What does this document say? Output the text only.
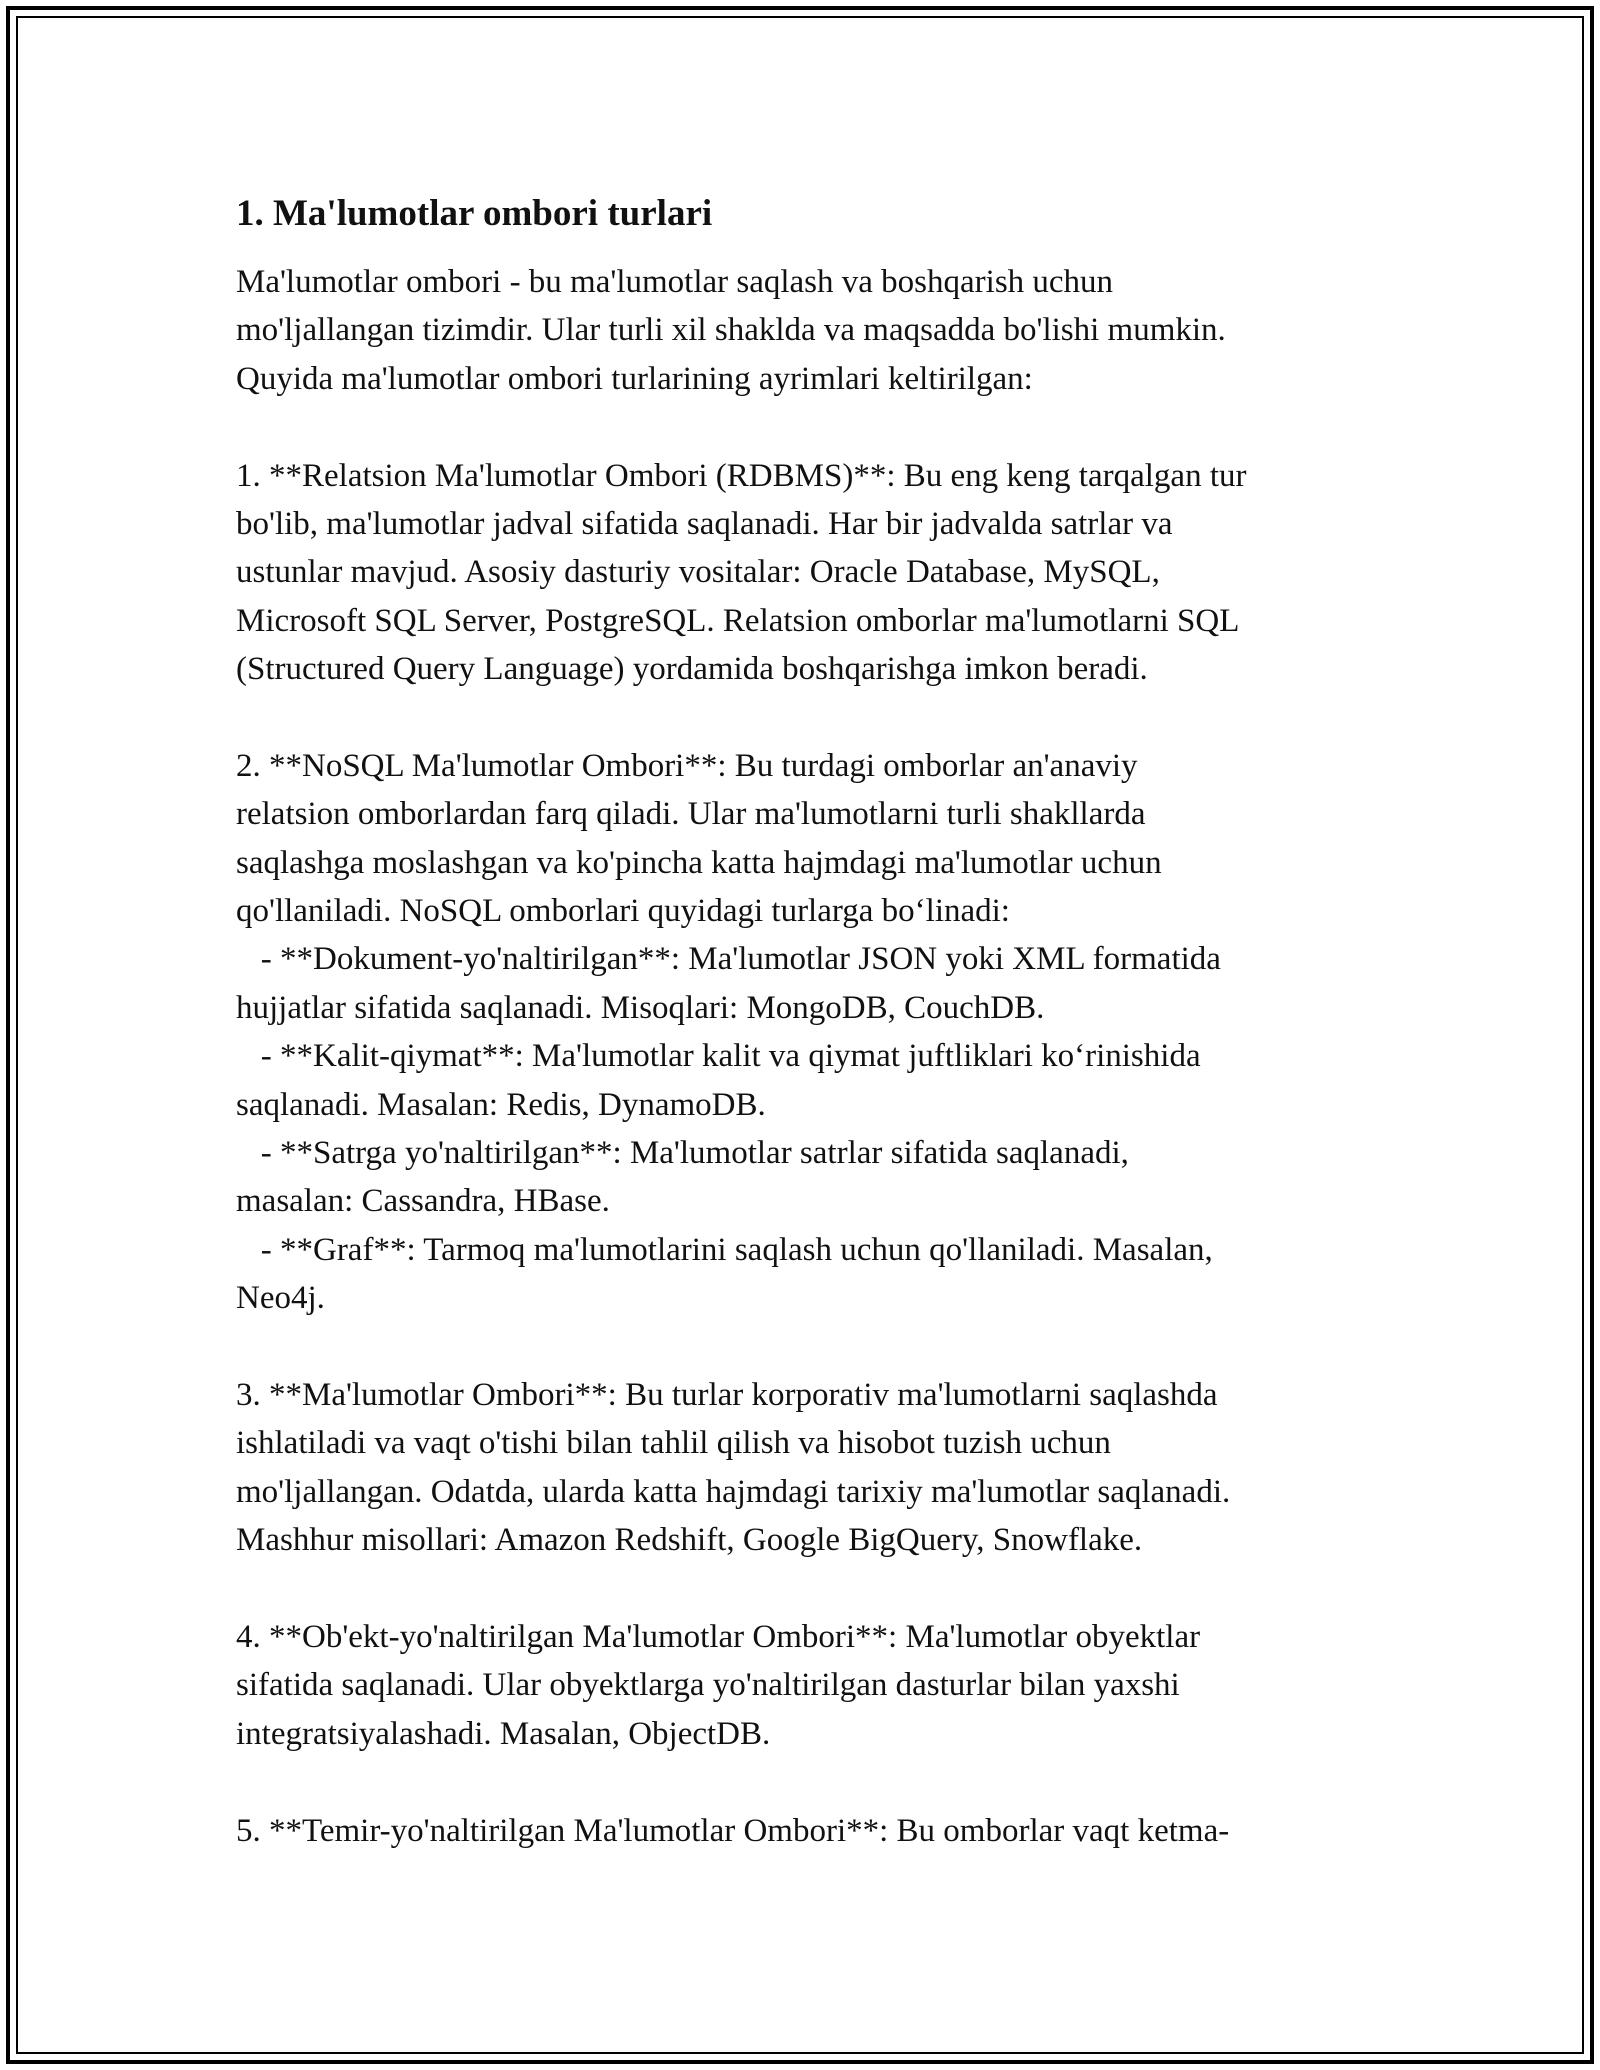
1. Ma'lumotlar ombori turlari
Ma'lumotlar ombori - bu ma'lumotlar saqlash va boshqarish uchun
mo'ljallangan tizimdir. Ular turli xil shaklda va maqsadda bo'lishi mumkin.
Quyida ma'lumotlar ombori turlarining ayrimlari keltirilgan:
1. **Relatsion Ma'lumotlar Ombori (RDBMS)**: Bu eng keng tarqalgan tur
bo'lib, ma'lumotlar jadval sifatida saqlanadi. Har bir jadvalda satrlar va
ustunlar mavjud. Asosiy dasturiy vositalar: Oracle Database, MySQL,
Microsoft SQL Server, PostgreSQL. Relatsion omborlar ma'lumotlarni SQL
(Structured Query Language) yordamida boshqarishga imkon beradi.
2. **NoSQL Ma'lumotlar Ombori**: Bu turdagi omborlar an'anaviy
relatsion omborlardan farq qiladi. Ular ma'lumotlarni turli shakllarda
saqlashga moslashgan va ko'pincha katta hajmdagi ma'lumotlar uchun
qo'llaniladi. NoSQL omborlari quyidagi turlarga bo‘linadi:
- **Dokument-yo'naltirilgan**: Ma'lumotlar JSON yoki XML formatida
hujjatlar sifatida saqlanadi. Misoqlari: MongoDB, CouchDB.
- **Kalit-qiymat**: Ma'lumotlar kalit va qiymat juftliklari ko‘rinishida
saqlanadi. Masalan: Redis, DynamoDB.
- **Satrga yo'naltirilgan**: Ma'lumotlar satrlar sifatida saqlanadi,
masalan: Cassandra, HBase.
- **Graf**: Tarmoq ma'lumotlarini saqlash uchun qo'llaniladi. Masalan,
Neo4j.
3. **Ma'lumotlar Ombori**: Bu turlar korporativ ma'lumotlarni saqlashda
ishlatiladi va vaqt o'tishi bilan tahlil qilish va hisobot tuzish uchun
mo'ljallangan. Odatda, ularda katta hajmdagi tarixiy ma'lumotlar saqlanadi.
Mashhur misollari: Amazon Redshift, Google BigQuery, Snowflake.
4. **Ob'ekt-yo'naltirilgan Ma'lumotlar Ombori**: Ma'lumotlar obyektlar
sifatida saqlanadi. Ular obyektlarga yo'naltirilgan dasturlar bilan yaxshi
integratsiyalashadi. Masalan, ObjectDB.
5. **Temir-yo'naltirilgan Ma'lumotlar Ombori**: Bu omborlar vaqt ketma-
